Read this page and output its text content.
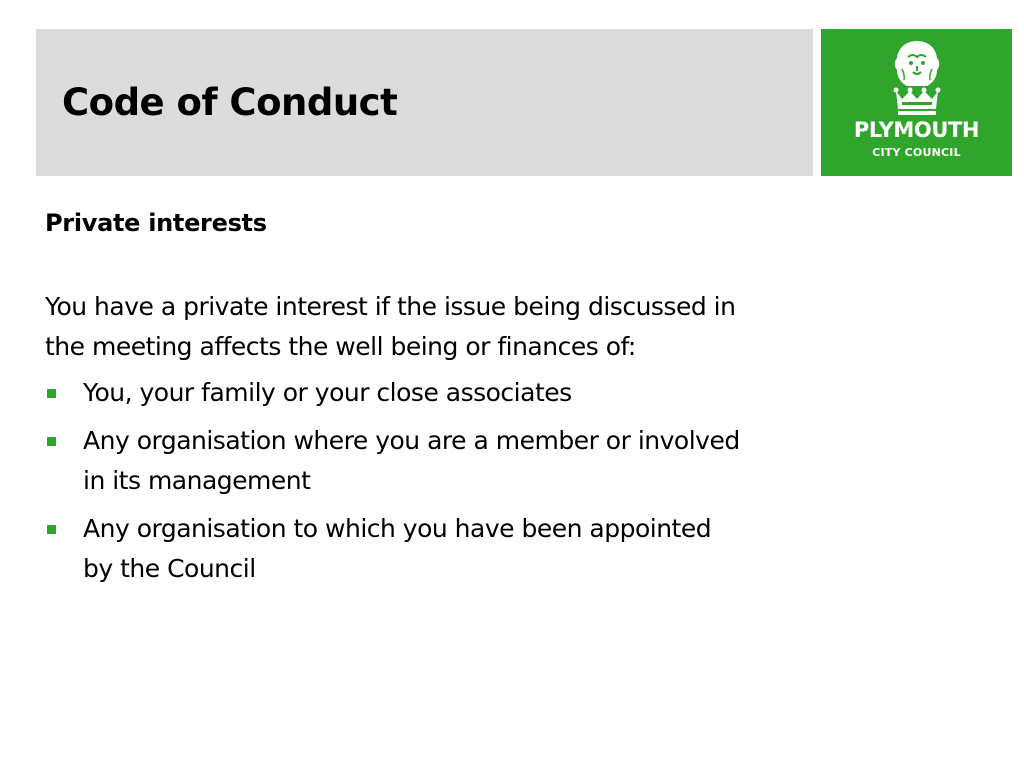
Code of Conduct
PLYMOUTH
CITY COUNCIL

Private interests

You have a private interest if the issue being discussed in the meeting affects the well being or finances of:

You, your family or your close associates
Any organisation where you are a member or involved in its management
Any organisation to which you have been appointed by the Council
